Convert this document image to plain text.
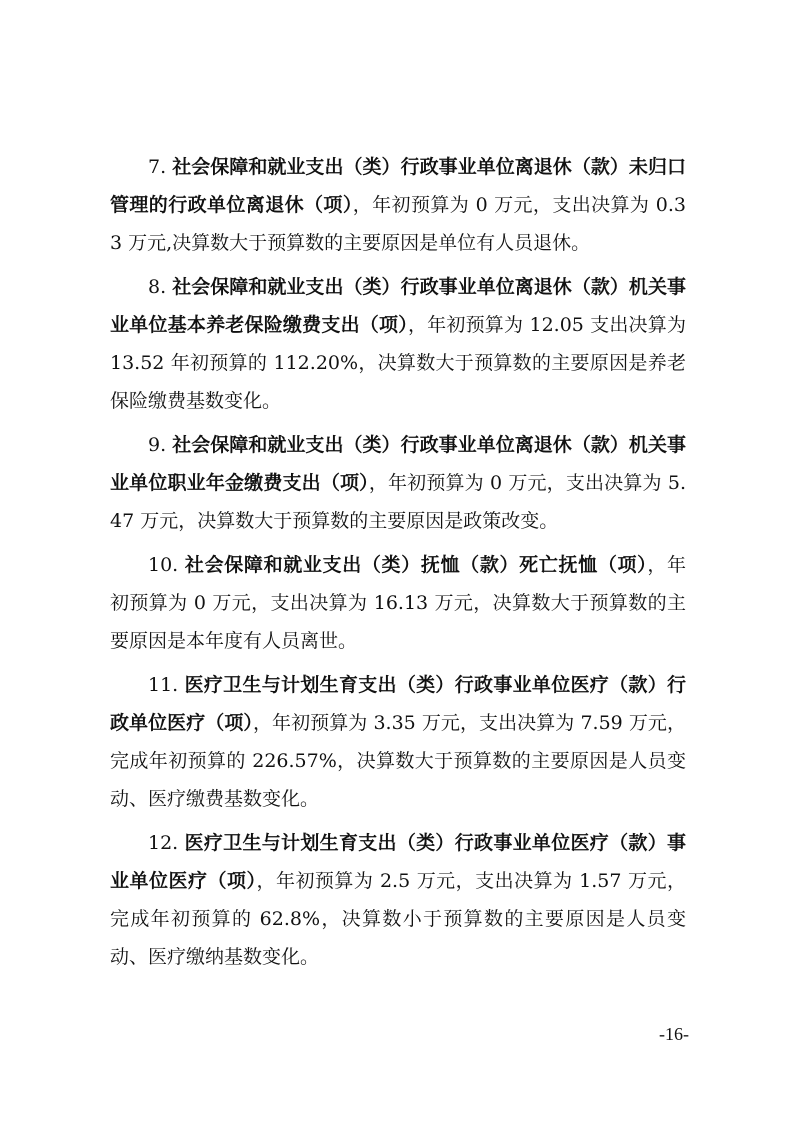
7. 社会保障和就业支出（类）行政事业单位离退休（款）未归口管理的行政单位离退休（项），年初预算为 0 万元，支出决算为 0.33 万元,决算数大于预算数的主要原因是单位有人员退休。

8. 社会保障和就业支出（类）行政事业单位离退休（款）机关事业单位基本养老保险缴费支出（项），年初预算为 12.05 支出决算为 13.52 年初预算的 112.20%，决算数大于预算数的主要原因是养老保险缴费基数变化。

9. 社会保障和就业支出（类）行政事业单位离退休（款）机关事业单位职业年金缴费支出（项），年初预算为 0 万元，支出决算为 5.47 万元，决算数大于预算数的主要原因是政策改变。

10. 社会保障和就业支出（类）抚恤（款）死亡抚恤（项），年初预算为 0 万元，支出决算为 16.13 万元，决算数大于预算数的主要原因是本年度有人员离世。

11. 医疗卫生与计划生育支出（类）行政事业单位医疗（款）行政单位医疗（项），年初预算为 3.35 万元，支出决算为 7.59 万元，完成年初预算的 226.57%，决算数大于预算数的主要原因是人员变动、医疗缴费基数变化。

12. 医疗卫生与计划生育支出（类）行政事业单位医疗（款）事业单位医疗（项），年初预算为 2.5 万元，支出决算为 1.57 万元，完成年初预算的 62.8%，决算数小于预算数的主要原因是人员变动、医疗缴纳基数变化。

-16-
